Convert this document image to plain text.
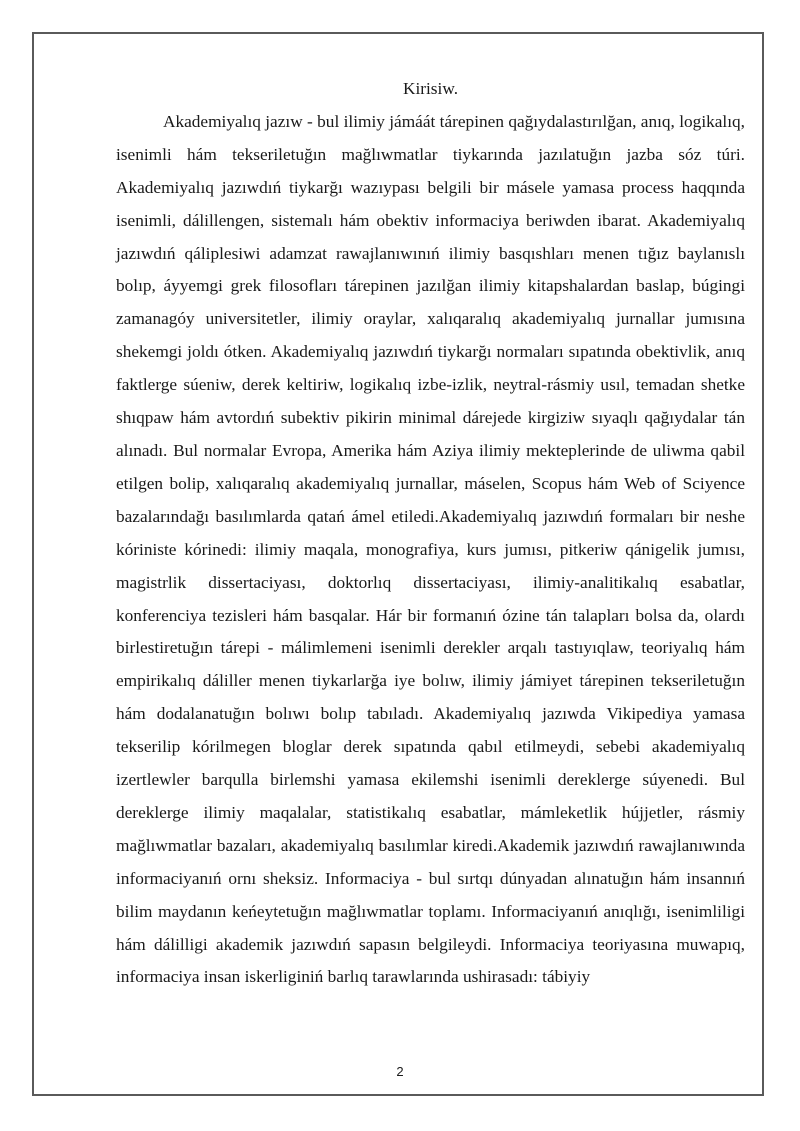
Kirisiw.

Akademiyalıq jazıw - bul ilimiy jámáát tárepinen qağıydalastırılğan, anıq, logikalıq, isenimli hám tekseriletuğın mağlıwmatlar tiykarında jazılatuğın jazba sóz túri. Akademiyalıq jazıwdıń tiykarğı wazıypası belgili bir másele yamasa process haqqında isenimli, dálillengen, sistemalı hám obektiv informaciya beriwden ibarat. Akademiyalıq jazıwdıń qáliplesiwi adamzat rawajlanıwınıń ilimiy basqıshları menen tığız baylanıslı bolıp, áyyemgi grek filosofları tárepinen jazılğan ilimiy kitapshalardan baslap, búgingi zamanagóy universitetler, ilimiy oraylar, xalıqaralıq akademiyalıq jurnallar jumısına shekemgi joldı ótken. Akademiyalıq jazıwdıń tiykarğı normaları sıpatında obektivlik, anıq faktlerge súeniw, derek keltiriw, logikalıq izbe-izlik, neytral-rásmiy usıl, temadan shetke shıqpaw hám avtordıń subektiv pikirin minimal dárejede kirgiziw sıyaqlı qağıydalar tán alınadı. Bul normalar Evropa, Amerika hám Aziya ilimiy mekteplerinde de uliwma qabil etilgen bolip, xalıqaralıq akademiyalıq jurnallar, máselen, Scopus hám Web of Sciyence bazalarındağı basılımlarda qatań ámel etiledi.Akademiyalıq jazıwdıń formaları bir neshe kóriniste kórinedi: ilimiy maqala, monografiya, kurs jumısı, pitkeriw qánigelik jumısı, magistrlik dissertaciyası, doktorlıq dissertaciyası, ilimiy-analitikalıq esabatlar, konferenciya tezisleri hám basqalar. Hár bir formanıń ózine tán talapları bolsa da, olardı birlestiretuğın tárepi - málimlemeni isenimli derekler arqalı tastıyıqlaw, teoriyalıq hám empirikalıq dáliller menen tiykarlarğa iye bolıw, ilimiy jámiyet tárepinen tekseriletuğın hám dodalanatuğın bolıwı bolıp tabıladı. Akademiyalıq jazıwda Vikipediya yamasa tekserilip kórilmegen bloglar derek sıpatında qabıl etilmeydi, sebebi akademiyalıq izertlewler barqulla birlemshi yamasa ekilemshi isenimli dereklerge súyenedi. Bul dereklerge ilimiy maqalalar, statistikalıq esabatlar, mámleketlik hújjetler, rásmiy mağlıwmatlar bazaları, akademiyalıq basılımlar kiredi.Akademik jazıwdıń rawajlanıwında informaciyanıń ornı sheksiz. Informaciya - bul sırtqı dúnyadan alınatuğın hám insannıń bilim maydanın keńeytetuğın mağlıwmatlar toplamı. Informaciyanıń anıqlığı, isenimliligi hám dálilligi akademik jazıwdıń sapasın belgileydi. Informaciya teoriyasına muwapıq, informaciya insan iskerliginiń barlıq tarawlarında ushirasadı: tábiyiy

2
